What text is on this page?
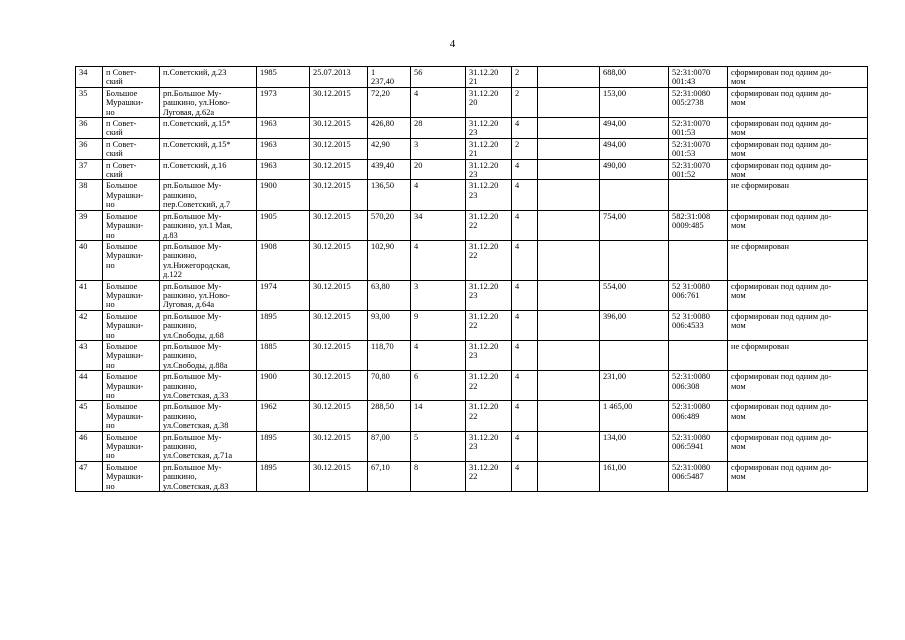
4
34	п Совет-
ский	п.Советский, д.23	1985	25.07.2013	1
237,40	56	31.12.20
21	2		688,00	52:31:0070
001:43	сформирован под одним до-
мом
35	Большое
Мурашки-
но	рп.Большое Му-
рашкино, ул.Ново-
Луговая, д.62а	1973	30.12.2015	72,20	4	31.12.20
20	2		153,00	52:31:0080
005:2738	сформирован под одним до-
мом
36	п Совет-
ский	п.Советский, д.15*	1963	30.12.2015	426,80	28	31.12.20
23	4		494,00	52:31:0070
001:53	сформирован под одним до-
мом
36	п Совет-
ский	п.Советский, д.15*	1963	30.12.2015	42,90	3	31.12.20
21	2		494,00	52:31:0070
001:53	сформирован под одним до-
мом
37	п Совет-
ский	п.Советский, д.16	1963	30.12.2015	439,40	20	31.12.20
23	4		490,00	52:31:0070
001:52	сформирован под одним до-
мом
38	Большое
Мурашки-
но	рп.Большое Му-
рашкино,
пер.Советский, д.7	1900	30.12.2015	136,50	4	31.12.20
23	4				не сформирован
39	Большое
Мурашки-
но	рп.Большое Му-
рашкино, ул.1 Мая,
д.83	1905	30.12.2015	570,20	34	31.12.20
22	4		754,00	582:31:008
0009:485	сформирован под одним до-
мом
40	Большое
Мурашки-
но	рп.Большое Му-
рашкино,
ул.Нижегородская,
д.122	1908	30.12.2015	102,90	4	31.12.20
22	4				не сформирован
41	Большое
Мурашки-
но	рп.Большое Му-
рашкино, ул.Ново-
Луговая, д.64а	1974	30.12.2015	63,80	3	31.12.20
23	4		554,00	52 31:0080
006:761	сформирован под одним до-
мом
42	Большое
Мурашки-
но	рп.Большое Му-
рашкино,
ул.Свободы, д.68	1895	30.12.2015	93,00	9	31.12.20
22	4		396,00	52 31:0080
006:4533	сформирован под одним до-
мом
43	Большое
Мурашки-
но	рп.Большое Му-
рашкино,
ул.Свободы, д.88а	1885	30.12.2015	118,70	4	31.12.20
23	4				не сформирован
44	Большое
Мурашки-
но	рп.Большое Му-
рашкино,
ул.Советская, д.33	1900	30.12.2015	70,80	6	31.12.20
22	4		231,00	52:31:0080
006:308	сформирован под одним до-
мом
45	Большое
Мурашки-
но	рп.Большое Му-
рашкино,
ул.Советская, д.38	1962	30.12.2015	288,50	14	31.12.20
22	4		1 465,00	52:31:0080
006:489	сформирован под одним до-
мом
46	Большое
Мурашки-
но	рп.Большое Му-
рашкино,
ул.Советская, д.71а	1895	30.12.2015	87,00	5	31.12.20
23	4		134,00	52:31:0080
006:5941	сформирован под одним до-
мом
47	Большое
Мурашки-
но	рп.Большое Му-
рашкино,
ул.Советская, д.83	1895	30.12.2015	67,10	8	31.12.20
22	4		161,00	52:31:0080
006:5487	сформирован под одним до-
мом
